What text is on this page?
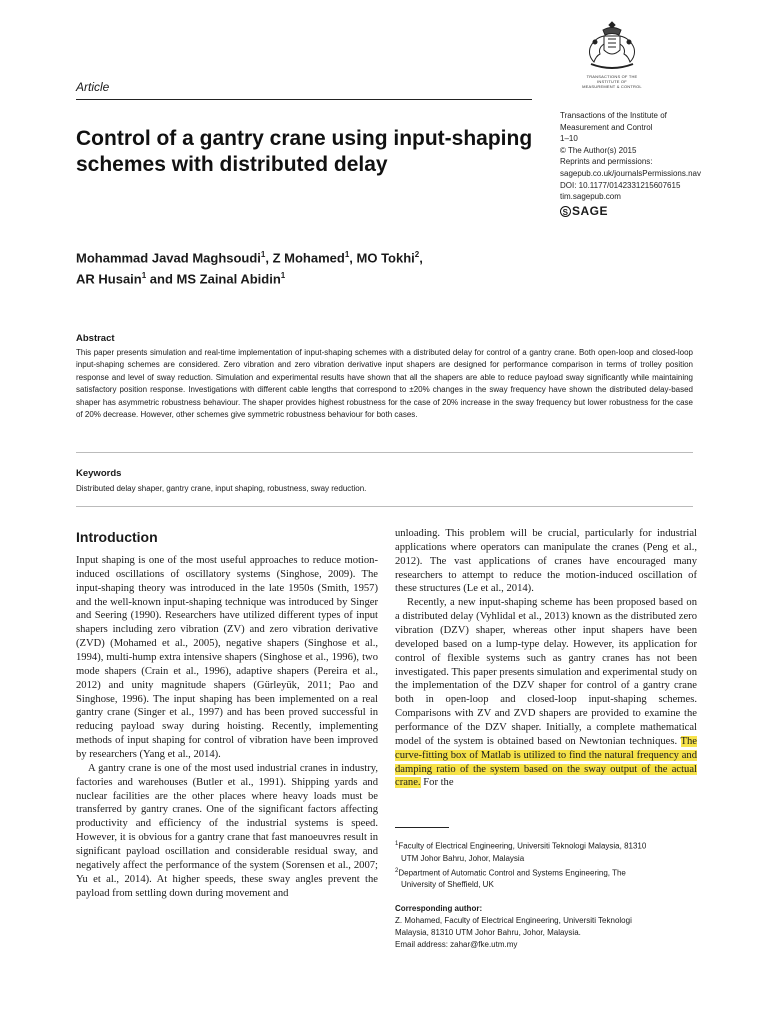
Article
TRANSACTIONS OF THE
INSTITUTE OF
MEASUREMENT & CONTROL
Transactions of the Institute of
Measurement and Control
1–10
© The Author(s) 2015
Reprints and permissions:
sagepub.co.uk/journalsPermissions.nav
DOI: 10.1177/0142331215607615
tim.sagepub.com
S SAGE
Control of a gantry crane using input-shaping schemes with distributed delay
Mohammad Javad Maghsoudi$^1$, Z Mohamed$^1$, MO Tokhi$^2$,
AR Husain$^1$ and MS Zainal Abidin$^1$
Abstract
This paper presents simulation and real-time implementation of input-shaping schemes with a distributed delay for control of a gantry crane. Both open-loop and closed-loop input-shaping schemes are considered. Zero vibration and zero vibration derivative input shapers are designed for performance comparison in terms of trolley position response and level of sway reduction. Simulation and experimental results have shown that all the shapers are able to reduce payload sway significantly while maintaining satisfactory position response. Investigations with different cable lengths that correspond to ±20% changes in the sway frequency have shown the distributed delay-based shaper has asymmetric robustness behaviour. The shaper provides highest robustness for the case of 20% increase in the sway frequency but lower robustness for the case of 20% decrease. However, other schemes give symmetric robustness behaviour for both cases.
Keywords
Distributed delay shaper, gantry crane, input shaping, robustness, sway reduction.
Introduction

Input shaping is one of the most useful approaches to reduce motion-induced oscillations of oscillatory systems (Singhose, 2009). The input-shaping theory was introduced in the late 1950s (Smith, 1957) and the well-known input-shaping technique was introduced by Singer and Seering (1990). Researchers have utilized different types of input shapers including zero vibration (ZV) and zero vibration derivative (ZVD) (Mohamed et al., 2005), negative shapers (Singhose et al., 1994), multi-hump extra intensive shapers (Singhose et al., 1996), two mode shapers (Crain et al., 1996), adaptive shapers (Pereira et al., 2012) and unity magnitude shapers (Gürleyük, 2011; Pao and Singhose, 1996). The input shaping has been implemented on a real gantry crane (Singer et al., 1997) and has been proved successful in reducing payload sway during hoisting. Recently, implementing methods of input shaping for control of vibration have been improved by researchers (Yang et al., 2014).

A gantry crane is one of the most used industrial cranes in industry, factories and warehouses (Butler et al., 1991). Shipping yards and nuclear facilities are the other places where heavy loads must be transferred by gantry cranes. One of the significant factors affecting productivity and efficiency of the industrial systems is speed. However, it is obvious for a gantry crane that fast manoeuvres result in significant payload oscillation and considerable residual sway, and negatively affect the performance of the system (Sorensen et al., 2007; Yu et al., 2014). At higher speeds, these sway angles prevent the payload from settling down during movement and

unloading. This problem will be crucial, particularly for industrial applications where operators can manipulate the cranes (Peng et al., 2012). The vast applications of cranes have encouraged many researchers to attempt to reduce the motion-induced oscillation of these structures (Le et al., 2014).

Recently, a new input-shaping scheme has been proposed based on a distributed delay (Vyhlidal et al., 2013) known as the distributed zero vibration (DZV) shaper, whereas other input shapers have been developed based on a lump-type delay. However, its application for control of flexible systems such as gantry cranes has not been investigated. This paper presents simulation and experimental study on the implementation of the DZV shaper for control of a gantry crane both in open-loop and closed-loop input-shaping schemes. Comparisons with ZV and ZVD shapers are provided to examine the performance of the DZV shaper. Initially, a complete mathematical model of the system is obtained based on Newtonian techniques. The curve-fitting box of Matlab is utilized to find the natural frequency and damping ratio of the system based on the sway output of the actual crane. For the

$^1$Faculty of Electrical Engineering, Universiti Teknologi Malaysia, 81310
UTM Johor Bahru, Johor, Malaysia
$^2$Department of Automatic Control and Systems Engineering, The
University of Sheffield, UK
Corresponding author:
Z. Mohamed, Faculty of Electrical Engineering, Universiti Teknologi
Malaysia, 81310 UTM Johor Bahru, Johor, Malaysia.
Email address: zahar@fke.utm.my
